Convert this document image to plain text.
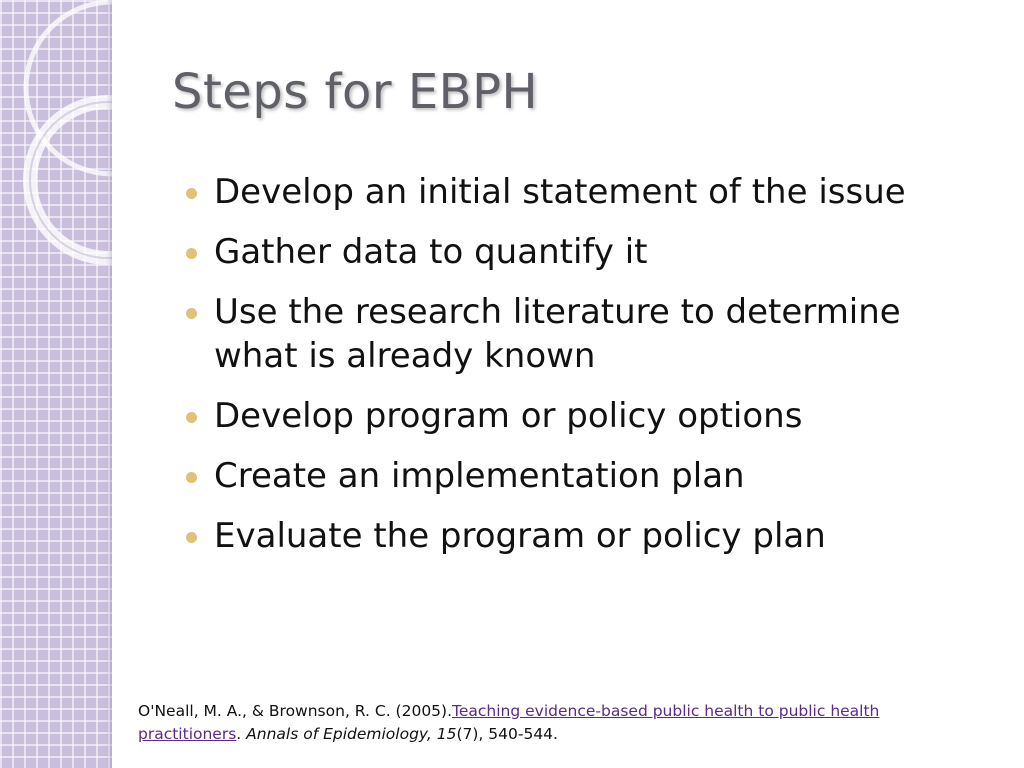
Steps for EBPH
Develop an initial statement of the issue
Gather data to quantify it
Use the research literature to determine what is already known
Develop program or policy options
Create an implementation plan
Evaluate the program or policy plan
O'Neall, M. A., & Brownson, R. C. (2005).Teaching evidence-based public health to public health practitioners. Annals of Epidemiology, 15(7), 540-544.
